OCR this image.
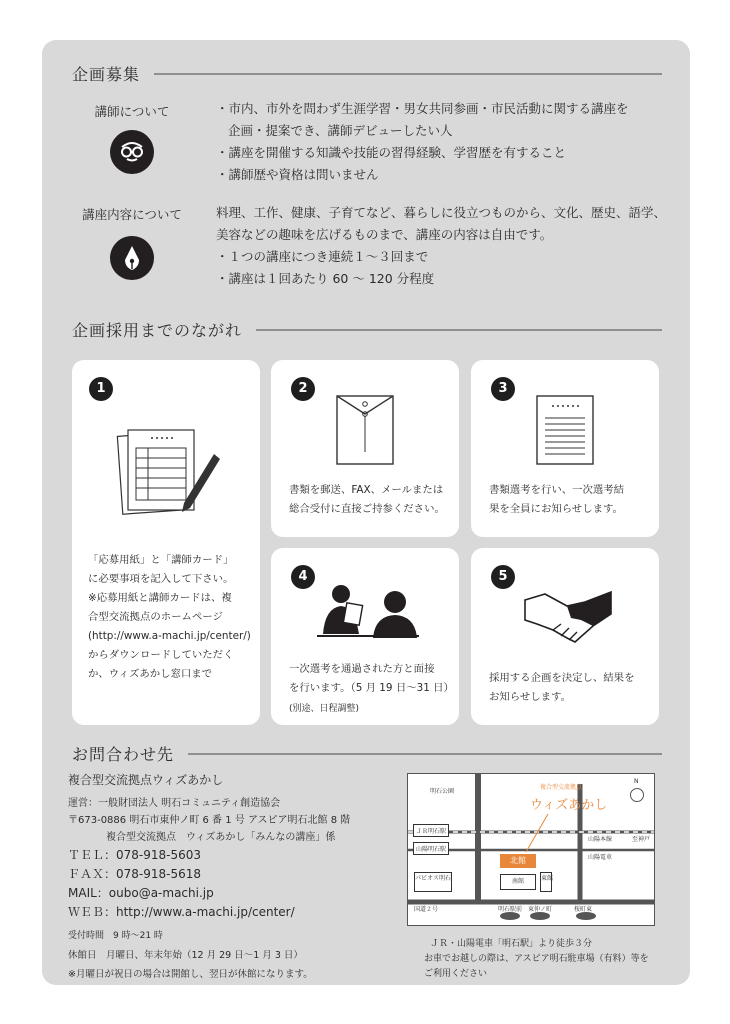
企画募集
講師について	・市内、市外を問わず生涯学習・男女共同参画・市民活動に関する講座を
企画・提案でき、講師デビューしたい人
・講座を開催する知識や技能の習得経験、学習歴を有すること
・講師歴や資格は問いません
講座内容について	料理、工作、健康、子育てなど、暮らしに役立つものから、文化、歴史、語学、
美容などの趣味を広げるものまで、講座の内容は自由です。
・１つの講座につき連続１～３回まで
・講座は１回あたり 60 ～ 120 分程度
企画採用までのながれ
1
「応募用紙」と「講師カード」
に必要事項を記入して下さい。
※応募用紙と講師カードは、複
合型交流拠点のホームページ
(http://www.a-machi.jp/center/)
からダウンロードしていただく
か、ウィズあかし窓口まで
2
書類を郵送、FAX、メールまたは
総合受付に直接ご持参ください。
3
書類選考を行い、一次選考結
果を全員にお知らせします。
4
一次選考を通過された方と面接
を行います。（5 月 19 日～31 日）
(別途、日程調整)
5
採用する企画を決定し、結果を
お知らせします。
お問合わせ先
複合型交流拠点ウィズあかし
運営：一般財団法人 明石コミュニティ創造協会
〒673-0886 明石市東仲ノ町 6 番 1 号 アスピア明石北館 8 階
複合型交流拠点　ウィズあかし「みんなの講座」係
ＴＥＬ：078-918-5603
ＦＡＸ：078-918-5618
MAIL：oubo@a-machi.jp
ＷＥＢ：http://www.a-machi.jp/center/
受付時間　9 時～21 時
休館日　月曜日、年末年始（12 月 29 日～1 月 3 日）
※月曜日が祝日の場合は開館し、翌日が休館になります。
明石公園
複合型交流拠点
ウィズあかし
N
ＪＲ明石駅
山陽明石駅
山陽本線	至神戸
山陽電車
北館
南館	東館
パピオス明石
国道２号	明石駅前 東仲ノ町	桜町東
ＪＲ・山陽電車「明石駅」より徒歩３分
お車でお越しの際は、アスピア明石駐車場（有料）等を
ご利用ください
